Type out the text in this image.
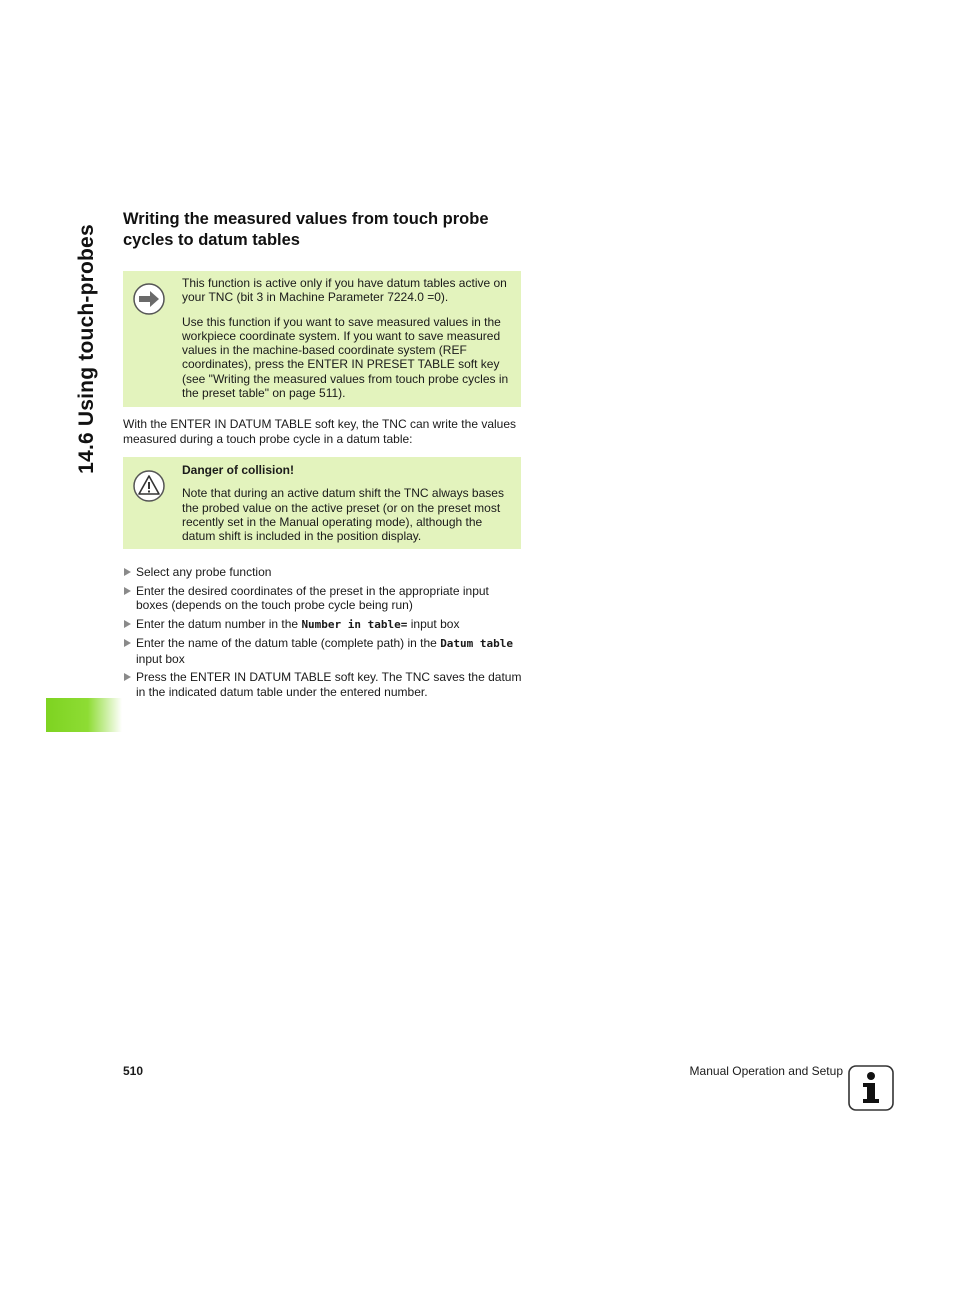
14.6 Using touch-probes
Writing the measured values from touch probe cycles to datum tables

This function is active only if you have datum tables active on your TNC (bit 3 in Machine Parameter 7224.0 =0).

Use this function if you want to save measured values in the workpiece coordinate system. If you want to save measured values in the machine-based coordinate system (REF coordinates), press the ENTER IN PRESET TABLE soft key (see "Writing the measured values from touch probe cycles in the preset table" on page 511).

With the ENTER IN DATUM TABLE soft key, the TNC can write the values measured during a touch probe cycle in a datum table:

Danger of collision!

Note that during an active datum shift the TNC always bases the probed value on the active preset (or on the preset most recently set in the Manual operating mode), although the datum shift is included in the position display.

Select any probe function
Enter the desired coordinates of the preset in the appropriate input boxes (depends on the touch probe cycle being run)
Enter the datum number in the Number in table= input box
Enter the name of the datum table (complete path) in the Datum table input box
Press the ENTER IN DATUM TABLE soft key. The TNC saves the datum in the indicated datum table under the entered number.
510	Manual Operation and Setup
